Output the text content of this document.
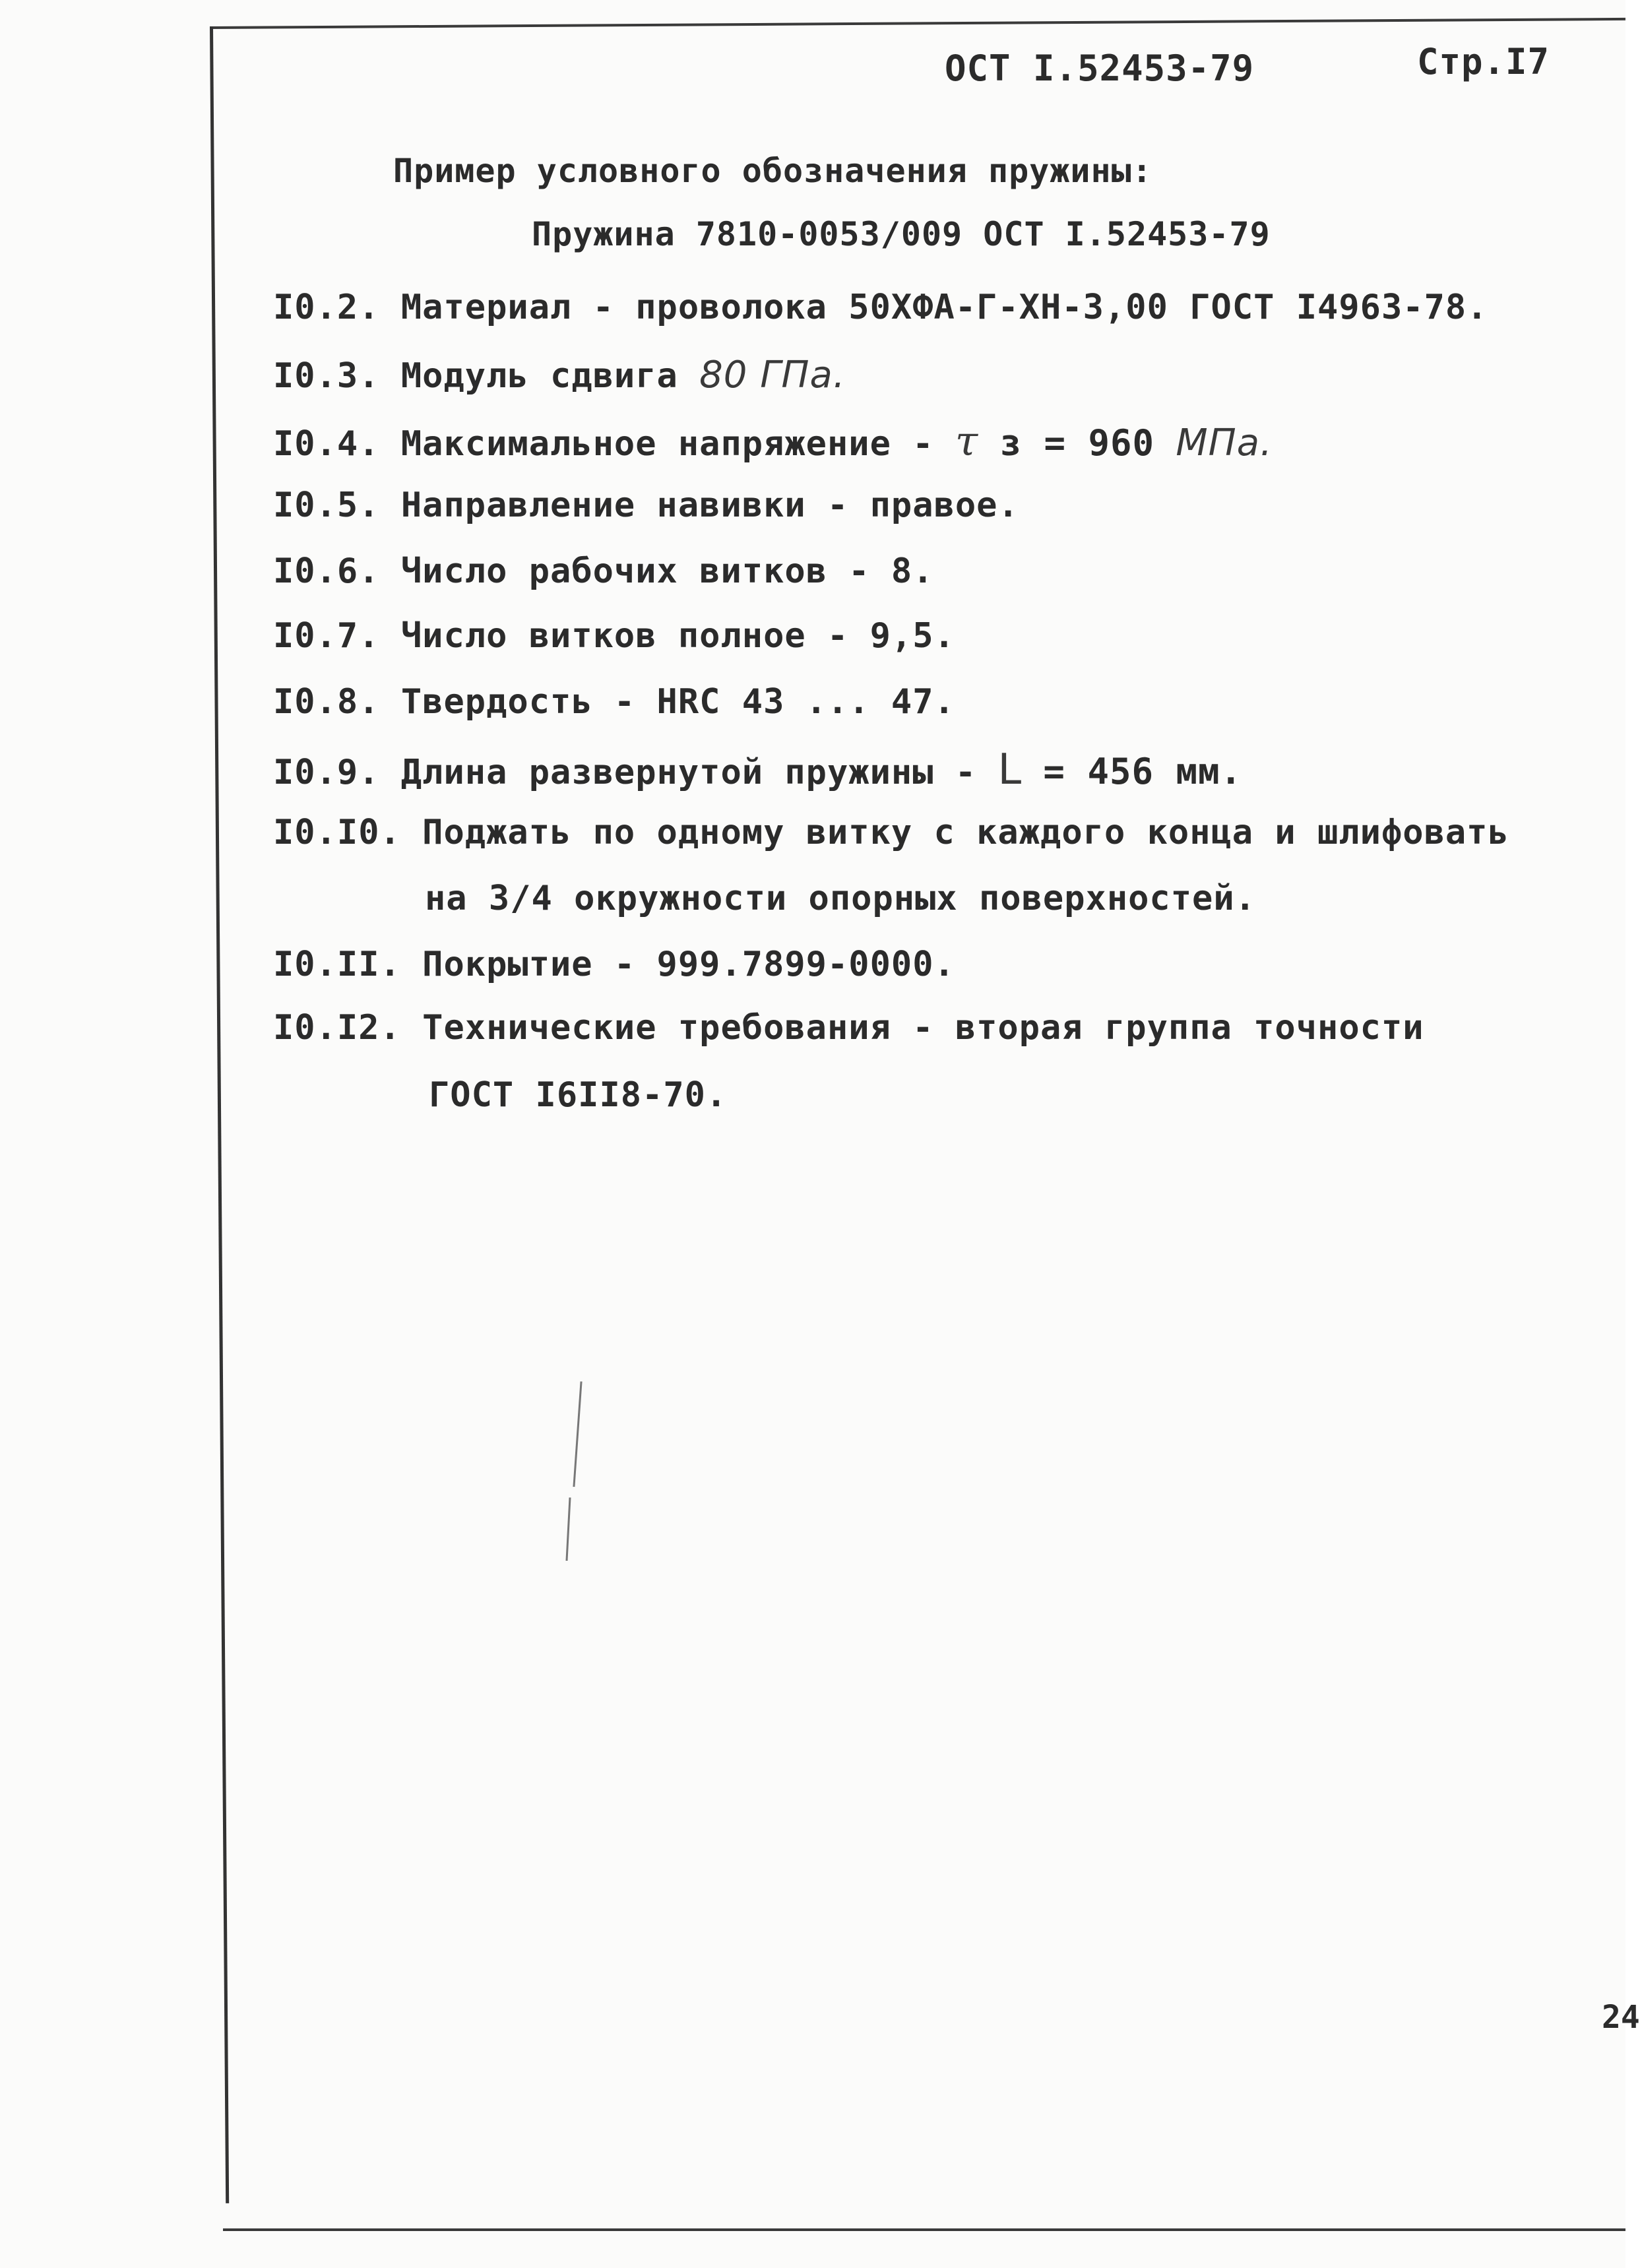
ОСТ I.52453-79	Стр.I7
Пример условного обозначения пружины:
Пружина 7810-0053/009 ОСТ I.52453-79
I0.2. Материал - проволока 50ХФА-Г-ХН-3,00 ГОСТ I4963-78.
I0.3. Модуль сдвига 80 ГПа.
I0.4. Максимальное напряжение - τ з = 960 МПа.
I0.5. Направление навивки - правое.
I0.6. Число рабочих витков - 8.
I0.7. Число витков полное - 9,5.
I0.8. Твердость - НRС 43 ... 47.
I0.9. Длина развернутой пружины - L = 456 мм.
I0.I0. Поджать по одному витку с каждого конца и шлифовать
на 3/4 окружности опорных поверхностей.
I0.II. Покрытие - 999.7899-0000.
I0.I2. Технические требования - вторая группа точности
ГОСТ I6II8-70.
24
